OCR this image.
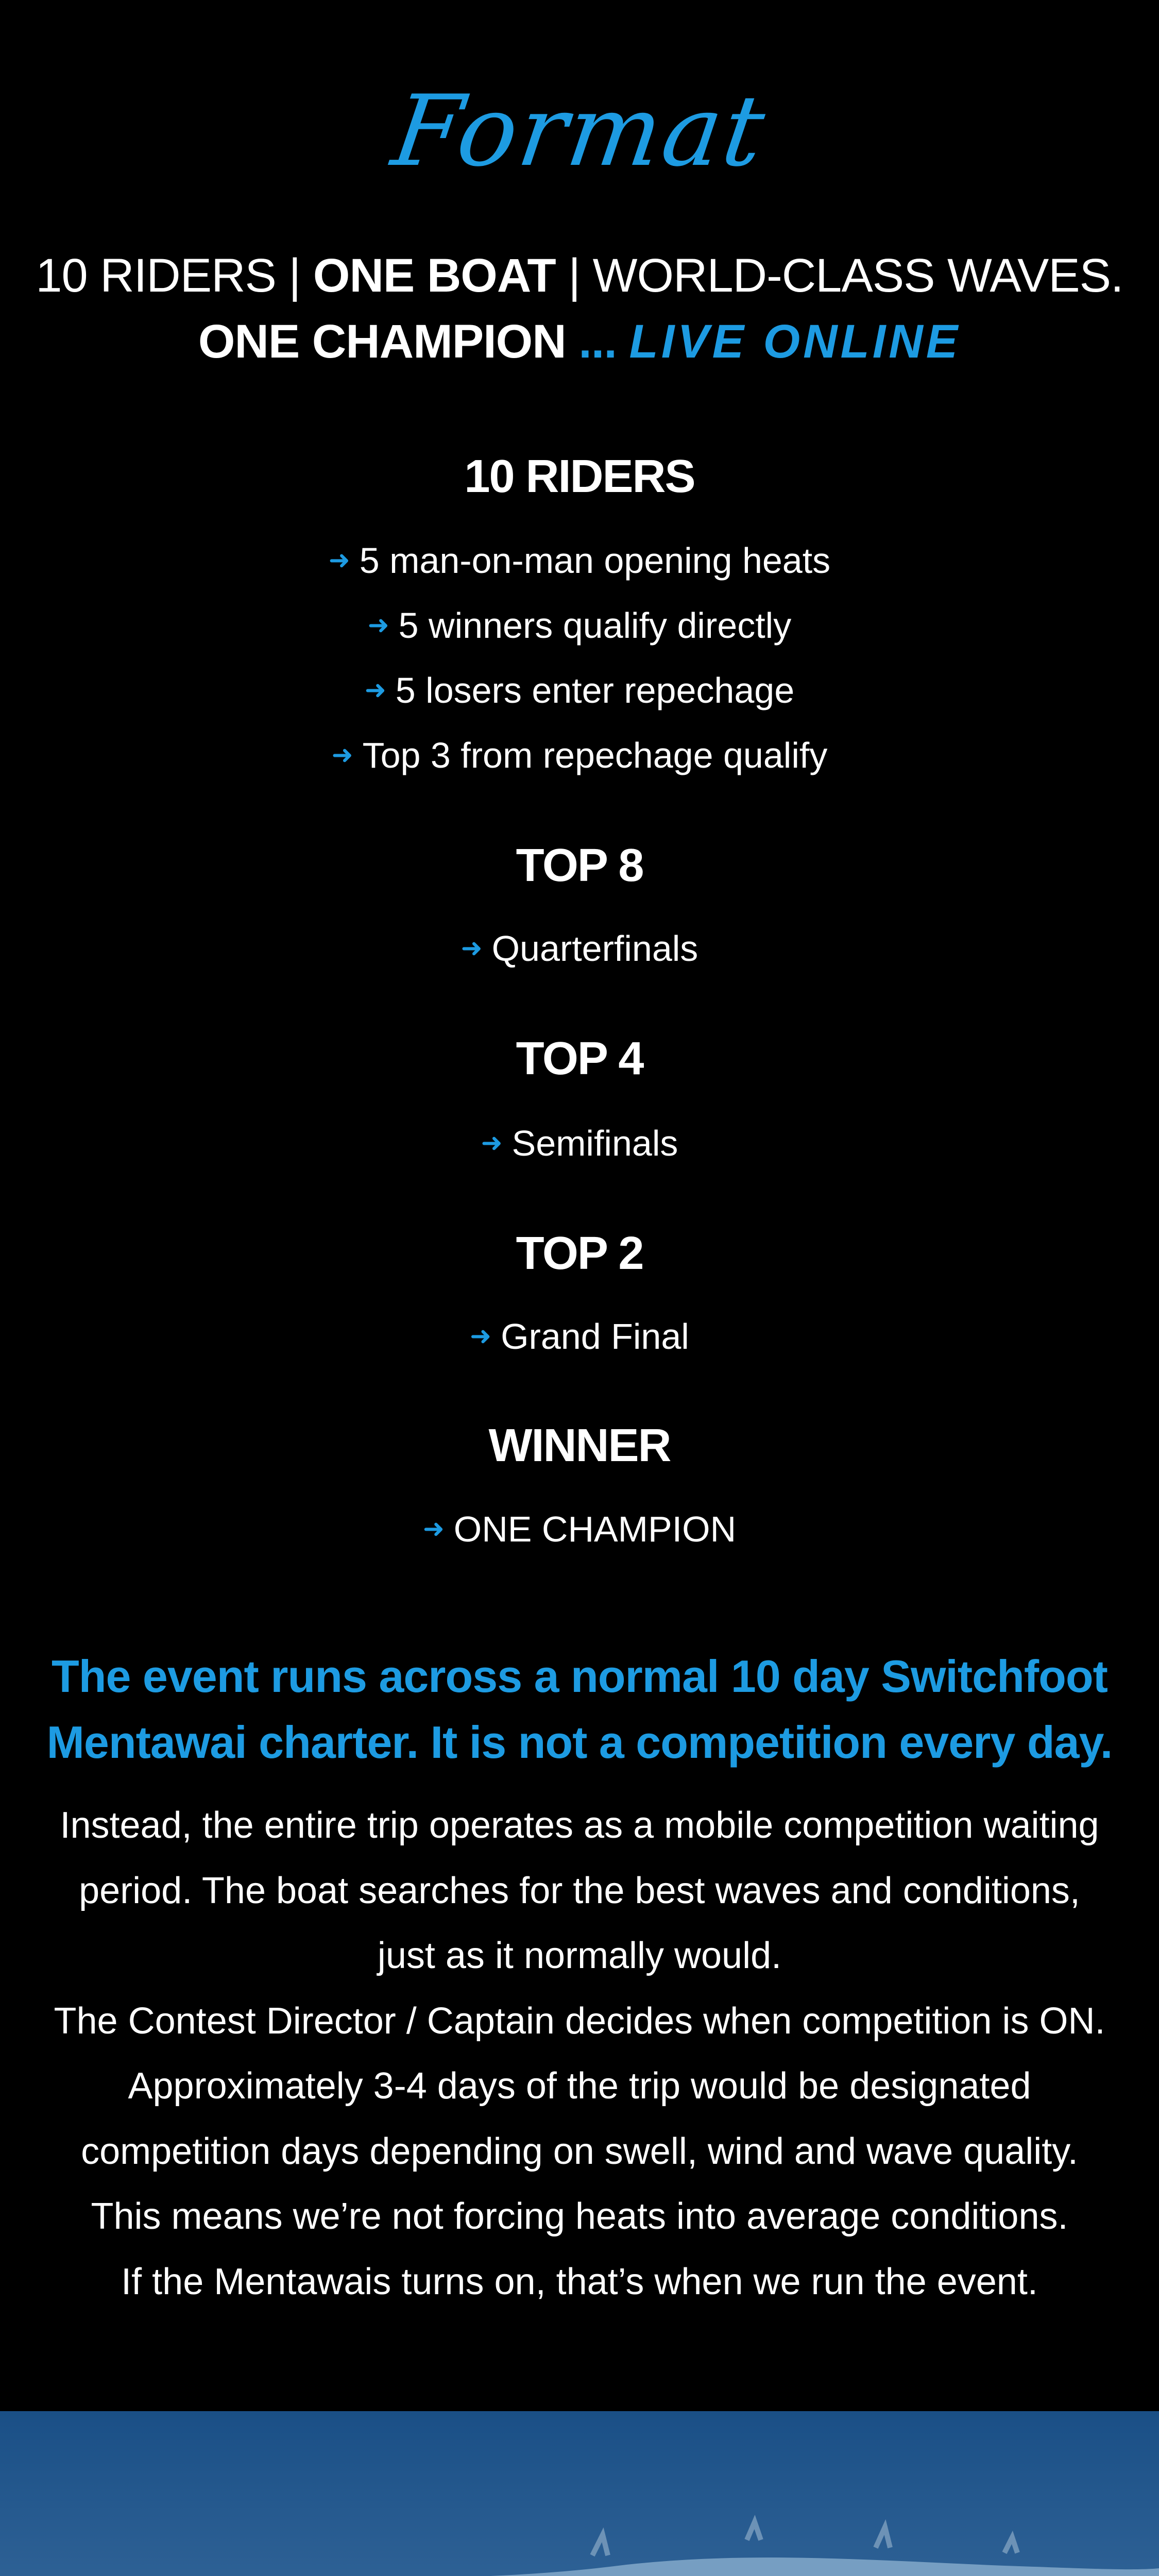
Format
10 RIDERS | ONE BOAT | WORLD-CLASS WAVES.
ONE CHAMPION ... LIVE ONLINE
10 RIDERS
➜ 5 man-on-man opening heats
➜ 5 winners qualify directly
➜ 5 losers enter repechage
➜ Top 3 from repechage qualify
TOP 8
➜ Quarterfinals
TOP 4
➜ Semifinals
TOP 2
➜ Grand Final
WINNER
➜ ONE CHAMPION
The event runs across a normal 10 day Switchfoot
Mentawai charter. It is not a competition every day.
Instead, the entire trip operates as a mobile competition waiting
period. The boat searches for the best waves and conditions,
just as it normally would.
The Contest Director / Captain decides when competition is ON.
Approximately 3-4 days of the trip would be designated
competition days depending on swell, wind and wave quality.
This means we’re not forcing heats into average conditions.
If the Mentawais turns on, that’s when we run the event.
